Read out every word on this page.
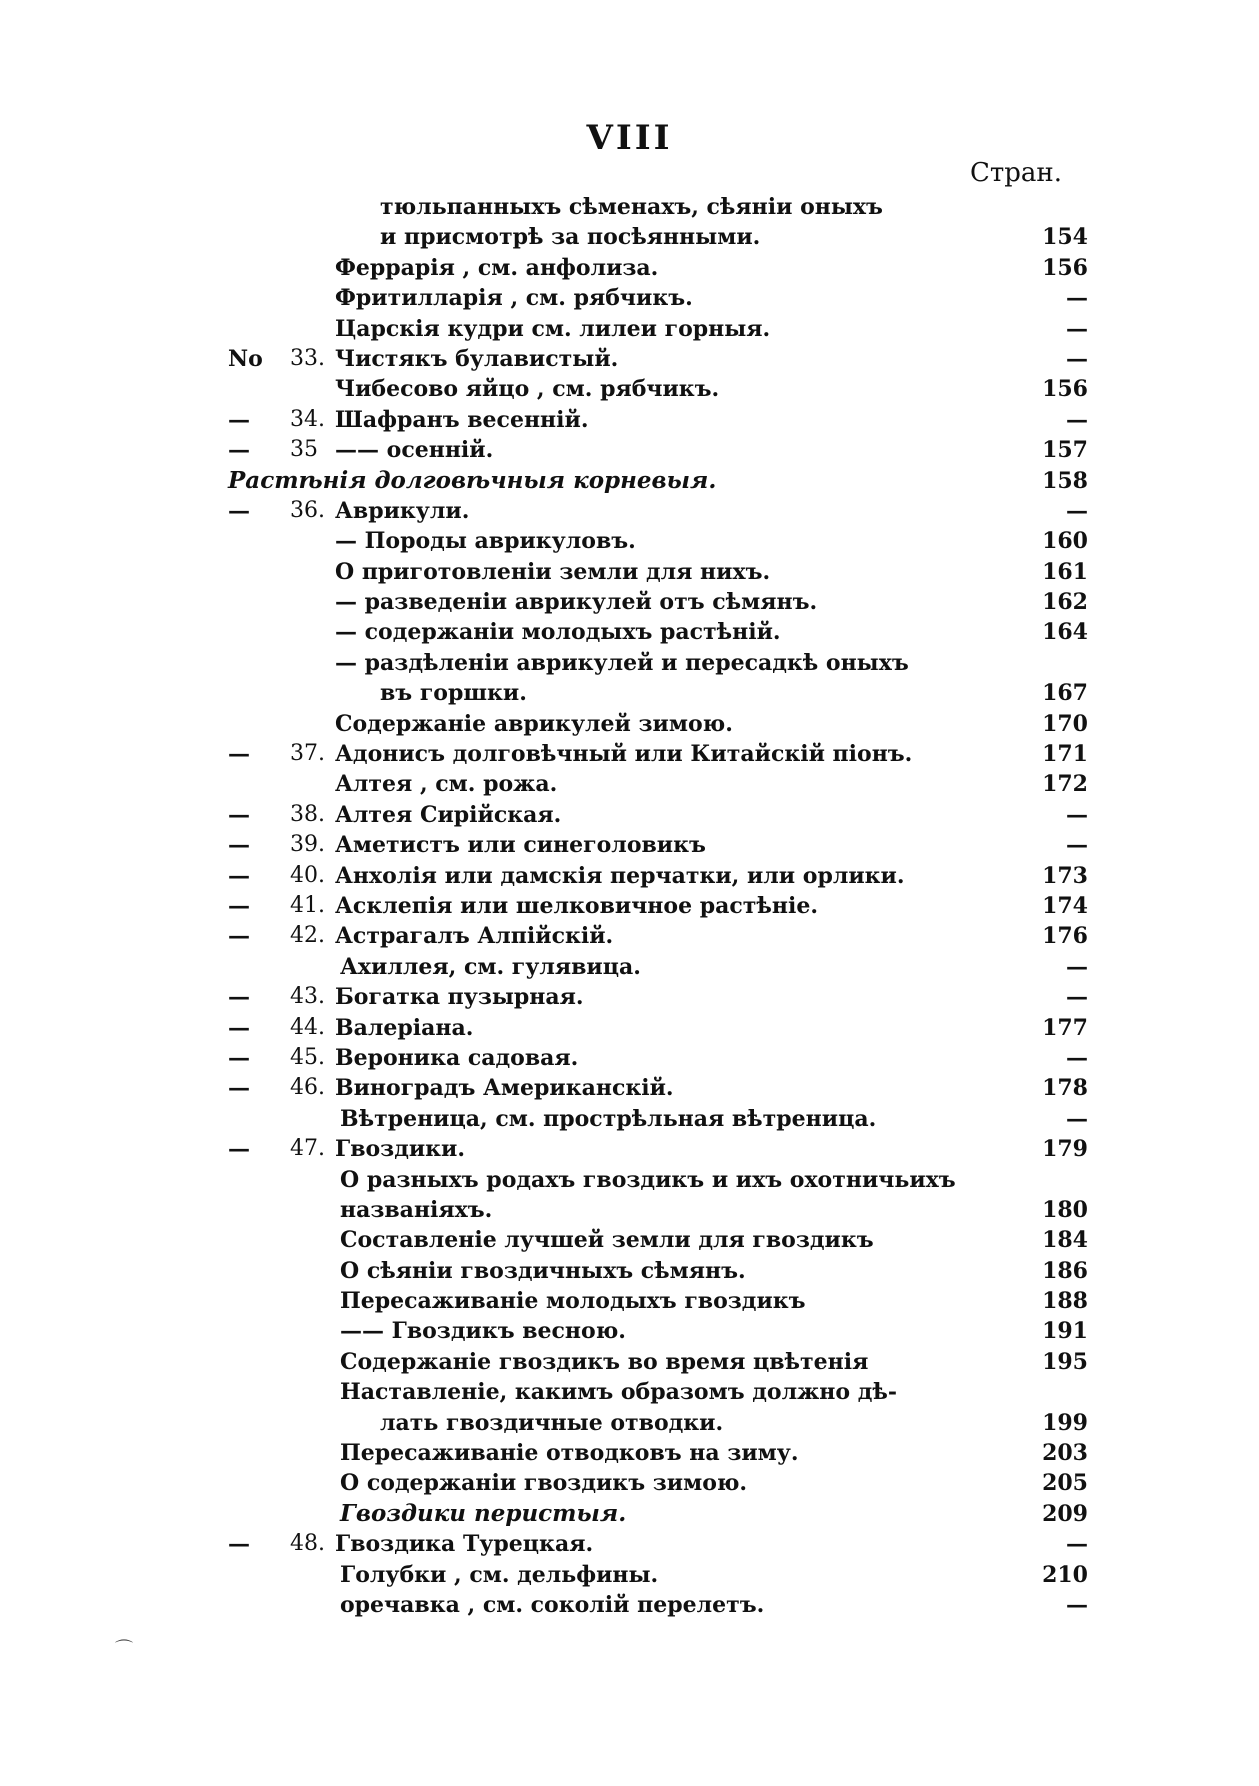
VIII
Стран.
тюльпанныхъ сѣменахъ, сѣяніи оныхъ
и присмотрѣ за посѣянными.	154
Феррарія , см. анфолиза.	156
Фритилларія , см. рябчикъ.	—
Царскія кудри см. лилеи горныя.	—
No 33. Чистякъ булавистый.	—
Чибесово яйцо , см. рябчикъ.	156
— 34. Шафранъ весенній.	—
— 35 —— осенній.	157
Растѣнія долговѣчныя корневыя.	158
— 36. Аврикули.	—
— Породы аврикуловъ.	160
О приготовленіи земли для нихъ.	161
— разведеніи аврикулей отъ сѣмянъ.	162
— содержаніи молодыхъ растѣній.	164
— раздѣленіи аврикулей и пересадкѣ оныхъ
въ горшки.	167
Содержаніе аврикулей зимою.	170
— 37. Адонисъ долговѣчный или Китайскій піонъ.	171
Алтея , см. рожа.	172
— 38. Алтея Сирійская.	—
— 39. Аметистъ или синеголовикъ	—
— 40. Анхолія или дамскія перчатки, или орлики.	173
— 41. Асклепія или шелковичное растѣніе.	174
— 42. Астрагалъ Алпійскій.	176
Ахиллея, см. гулявица.	—
— 43. Богатка пузырная.	—
— 44. Валеріана.	177
— 45. Вероника садовая.	—
— 46. Виноградъ Американскій.	178
Вѣтреница, см. прострѣльная вѣтреница.	—
— 47. Гвоздики.	179
О разныхъ родахъ гвоздикъ и ихъ охотничьихъ
названіяхъ.	180
Составленіе лучшей земли для гвоздикъ	184
О сѣяніи гвоздичныхъ сѣмянъ.	186
Пересаживаніе молодыхъ гвоздикъ	188
—— Гвоздикъ весною.	191
Содержаніе гвоздикъ во время цвѣтенія	195
Наставленіе, какимъ образомъ должно дѣ-
лать гвоздичные отводки.	199
Пересаживаніе отводковъ на зиму.	203
О содержаніи гвоздикъ зимою.	205
Гвоздики перистыя.	209
— 48. Гвоздика Турецкая.	—
Голубки , см. дельфины.	210
оречавка , см. соколій перелетъ.	—
⌒
